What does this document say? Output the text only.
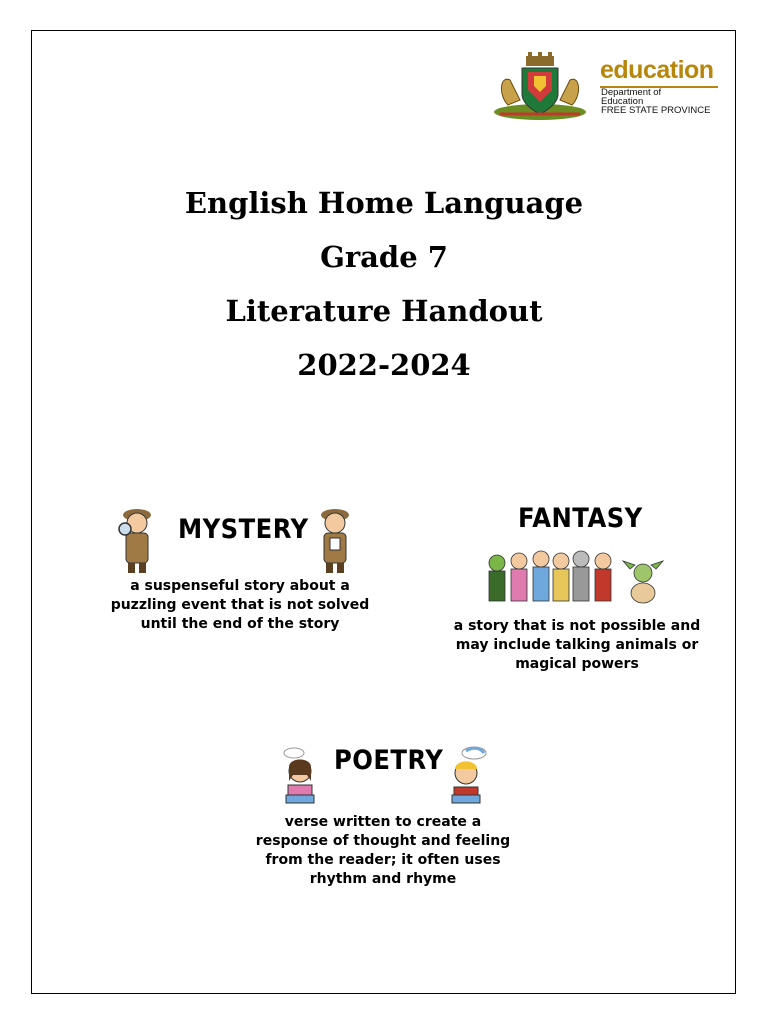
education
Department of
Education
FREE STATE PROVINCE
English Home Language
Grade 7
Literature Handout
2022-2024
MYSTERY
a suspenseful story about a
puzzling event that is not solved
until the end of the story
FANTASY
a story that is not possible and
may include talking animals or
magical powers
POETRY
verse written to create a
response of thought and feeling
from the reader; it often uses
rhythm and rhyme
